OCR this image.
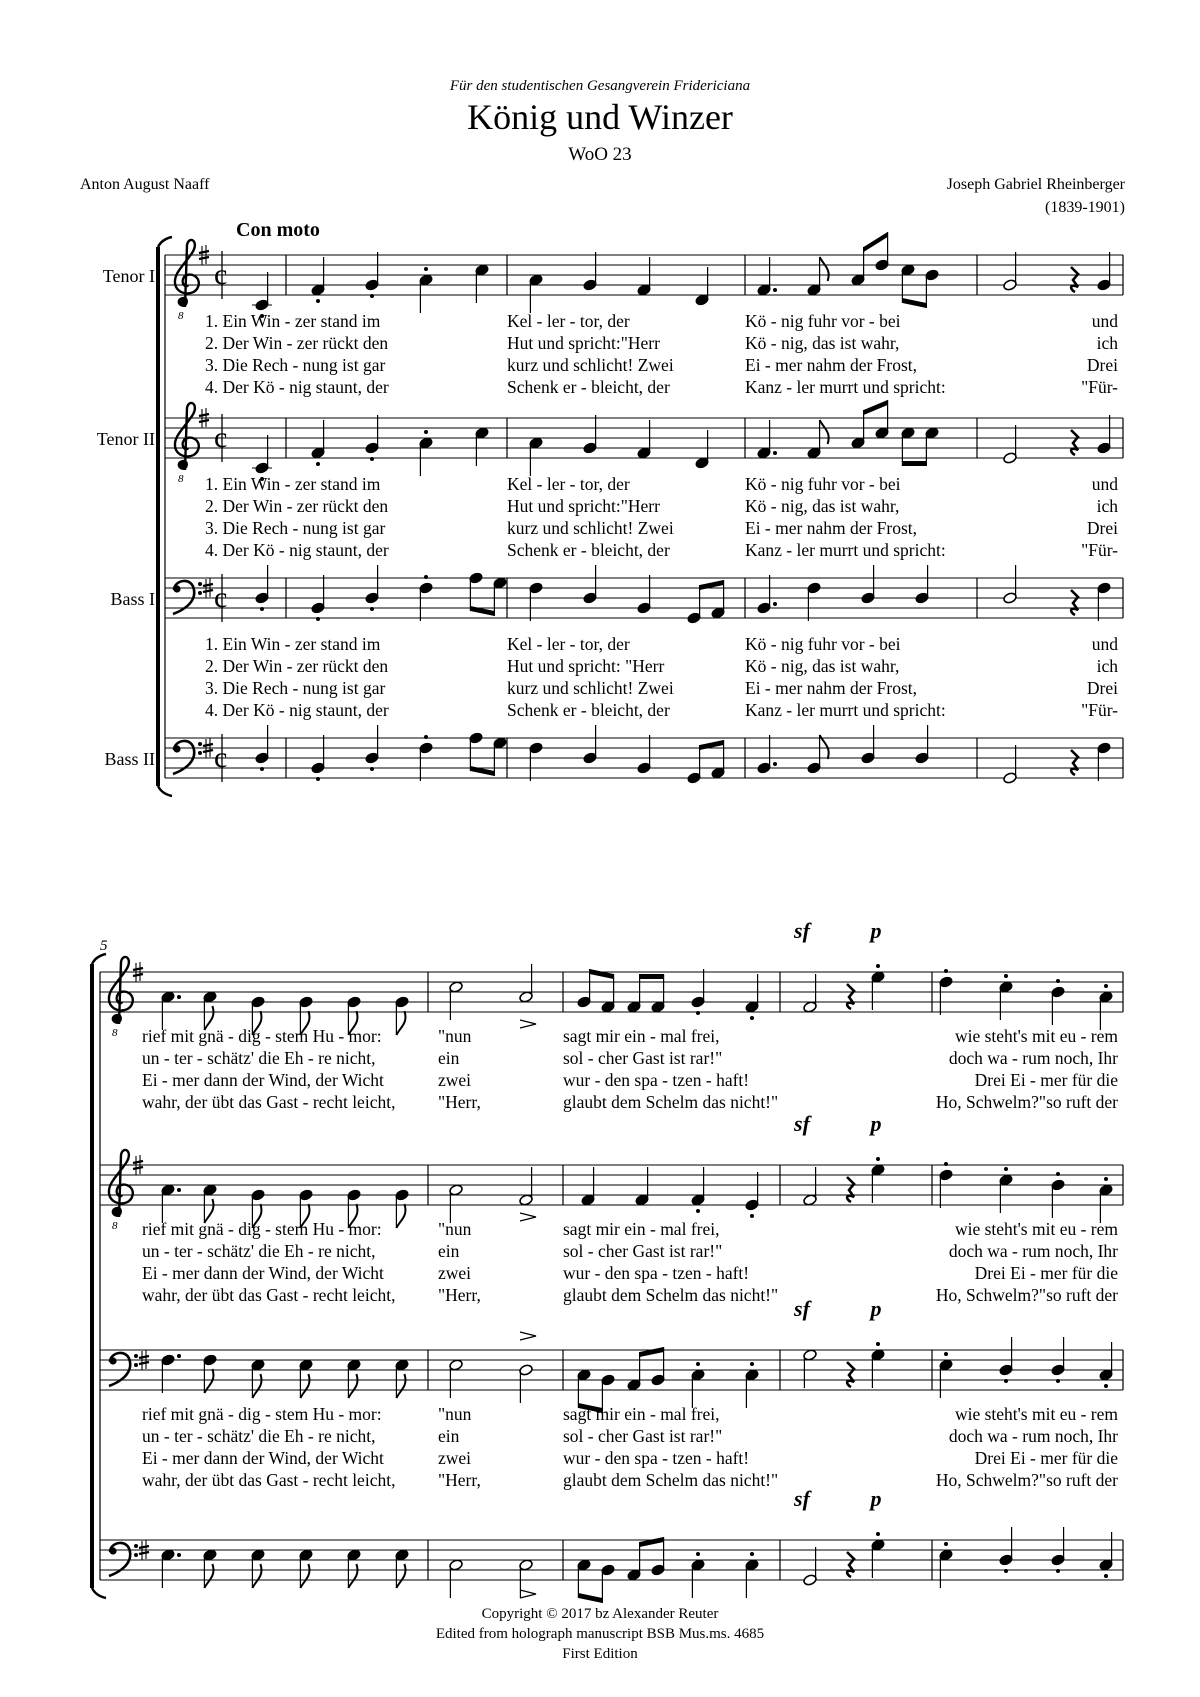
Für den studentischen Gesangverein Fridericiana
König und Winzer
WoO 23
Anton August Naaff	Joseph Gabriel Rheinberger
(1839-1901)
Con moto
Tenor I
8
c
Tenor II
8
c
Bass I c
Bass II c
1. Ein Win - zer stand im	Kel - ler - tor, der	Kö - nig fuhr vor - bei	und
2. Der Win - zer rückt den	Hut und spricht:"Herr	Kö - nig, das ist wahr,	ich
3. Die Rech - nung ist gar	kurz und schlicht! Zwei	Ei - mer nahm der Frost,	Drei
4. Der Kö - nig staunt, der	Schenk er - bleicht, der	Kanz - ler murrt und spricht:	"Für-
1. Ein Win - zer stand im	Kel - ler - tor, der	Kö - nig fuhr vor - bei	und
2. Der Win - zer rückt den	Hut und spricht:"Herr	Kö - nig, das ist wahr,	ich
3. Die Rech - nung ist gar	kurz und schlicht! Zwei	Ei - mer nahm der Frost,	Drei
4. Der Kö - nig staunt, der	Schenk er - bleicht, der	Kanz - ler murrt und spricht:	"Für-
1. Ein Win - zer stand im	Kel - ler - tor, der	Kö - nig fuhr vor - bei	und
2. Der Win - zer rückt den	Hut und spricht: "Herr	Kö - nig, das ist wahr,	ich
3. Die Rech - nung ist gar	kurz und schlicht! Zwei	Ei - mer nahm der Frost,	Drei
4. Der Kö - nig staunt, der	Schenk er - bleicht, der	Kanz - ler murrt und spricht:	"Für-
5
8
sf	p
8
sf	p
sf	p
sf	p
rief mit gnä - dig - stem Hu - mor:	"nun	sagt mir ein - mal frei,	wie steht's mit eu - rem
un - ter - schätz' die Eh - re nicht,	ein	sol - cher Gast ist rar!"	doch wa - rum noch, Ihr
Ei - mer dann der Wind, der Wicht	zwei	wur - den spa - tzen - haft!	Drei Ei - mer für die
wahr, der übt das Gast - recht leicht, "Herr,	glaubt dem Schelm das nicht!"	Ho, Schwelm?"so ruft der
rief mit gnä - dig - stem Hu - mor:	"nun	sagt mir ein - mal frei,	wie steht's mit eu - rem
un - ter - schätz' die Eh - re nicht,	ein	sol - cher Gast ist rar!"	doch wa - rum noch, Ihr
Ei - mer dann der Wind, der Wicht	zwei	wur - den spa - tzen - haft!	Drei Ei - mer für die
wahr, der übt das Gast - recht leicht, "Herr,	glaubt dem Schelm das nicht!"	Ho, Schwelm?"so ruft der
rief mit gnä - dig - stem Hu - mor:	"nun	sagt mir ein - mal frei,	wie steht's mit eu - rem
un - ter - schätz' die Eh - re nicht,	ein	sol - cher Gast ist rar!"	doch wa - rum noch, Ihr
Ei - mer dann der Wind, der Wicht	zwei	wur - den spa - tzen - haft!	Drei Ei - mer für die
wahr, der übt das Gast - recht leicht, "Herr,	glaubt dem Schelm das nicht!"	Ho, Schwelm?"so ruft der
Copyright © 2017 bz Alexander Reuter
Edited from holograph manuscript BSB Mus.ms. 4685
First Edition
